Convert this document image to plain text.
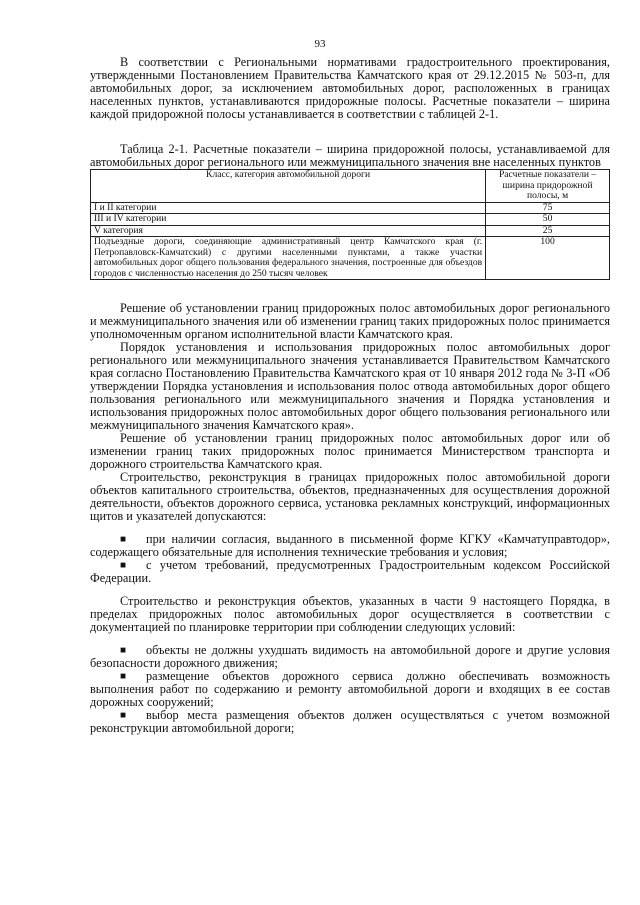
93

В соответствии с Региональными нормативами градостроительного проектирования, утвержденными Постановлением Правительства Камчатского края от 29.12.2015 № 503-п, для автомобильных дорог, за исключением автомобильных дорог, расположенных в границах населенных пунктов, устанавливаются придорожные полосы. Расчетные показатели – ширина каждой придорожной полосы устанавливается в соответствии с таблицей 2-1.

Таблица 2-1. Расчетные показатели – ширина придорожной полосы, устанавливаемой для автомобильных дорог регионального или межмуниципального значения вне населенных пунктов

Класс, категория автомобильной дороги	Расчетные показатели – ширина придорожной полосы, м
I и II категории	75
III и IV категории	50
V категория	25
Подъездные дороги, соединяющие административный центр Камчатского края (г. Петропавловск-Камчатский) с другими населенными пунктами, а также участки автомобильных дорог общего пользования федерального значения, построенные для объездов городов с численностью населения до 250 тысяч человек	100

Решение об установлении границ придорожных полос автомобильных дорог регионального и межмуниципального значения или об изменении границ таких придорожных полос принимается уполномоченным органом исполнительной власти Камчатского края.

Порядок установления и использования придорожных полос автомобильных дорог регионального или межмуниципального значения устанавливается Правительством Камчатского края согласно Постановлению Правительства Камчатского края от 10 января 2012 года № 3-П «Об утверждении Порядка установления и использования полос отвода автомобильных дорог общего пользования регионального или межмуниципального значения и Порядка установления и использования придорожных полос автомобильных дорог общего пользования регионального или межмуниципального значения Камчатского края».

Решение об установлении границ придорожных полос автомобильных дорог или об изменении границ таких придорожных полос принимается Министерством транспорта и дорожного строительства Камчатского края.

Строительство, реконструкция в границах придорожных полос автомобильной дороги объектов капитального строительства, объектов, предназначенных для осуществления дорожной деятельности, объектов дорожного сервиса, установка рекламных конструкций, информационных щитов и указателей допускаются:

■ при наличии согласия, выданного в письменной форме КГКУ «Камчатуправтодор», содержащего обязательные для исполнения технические требования и условия;
■ с учетом требований, предусмотренных Градостроительным кодексом Российской Федерации.

Строительство и реконструкция объектов, указанных в части 9 настоящего Порядка, в пределах придорожных полос автомобильных дорог осуществляется в соответствии с документацией по планировке территории при соблюдении следующих условий:

■ объекты не должны ухудшать видимость на автомобильной дороге и другие условия безопасности дорожного движения;
■ размещение объектов дорожного сервиса должно обеспечивать возможность выполнения работ по содержанию и ремонту автомобильной дороги и входящих в ее состав дорожных сооружений;
■ выбор места размещения объектов должен осуществляться с учетом возможной реконструкции автомобильной дороги;
